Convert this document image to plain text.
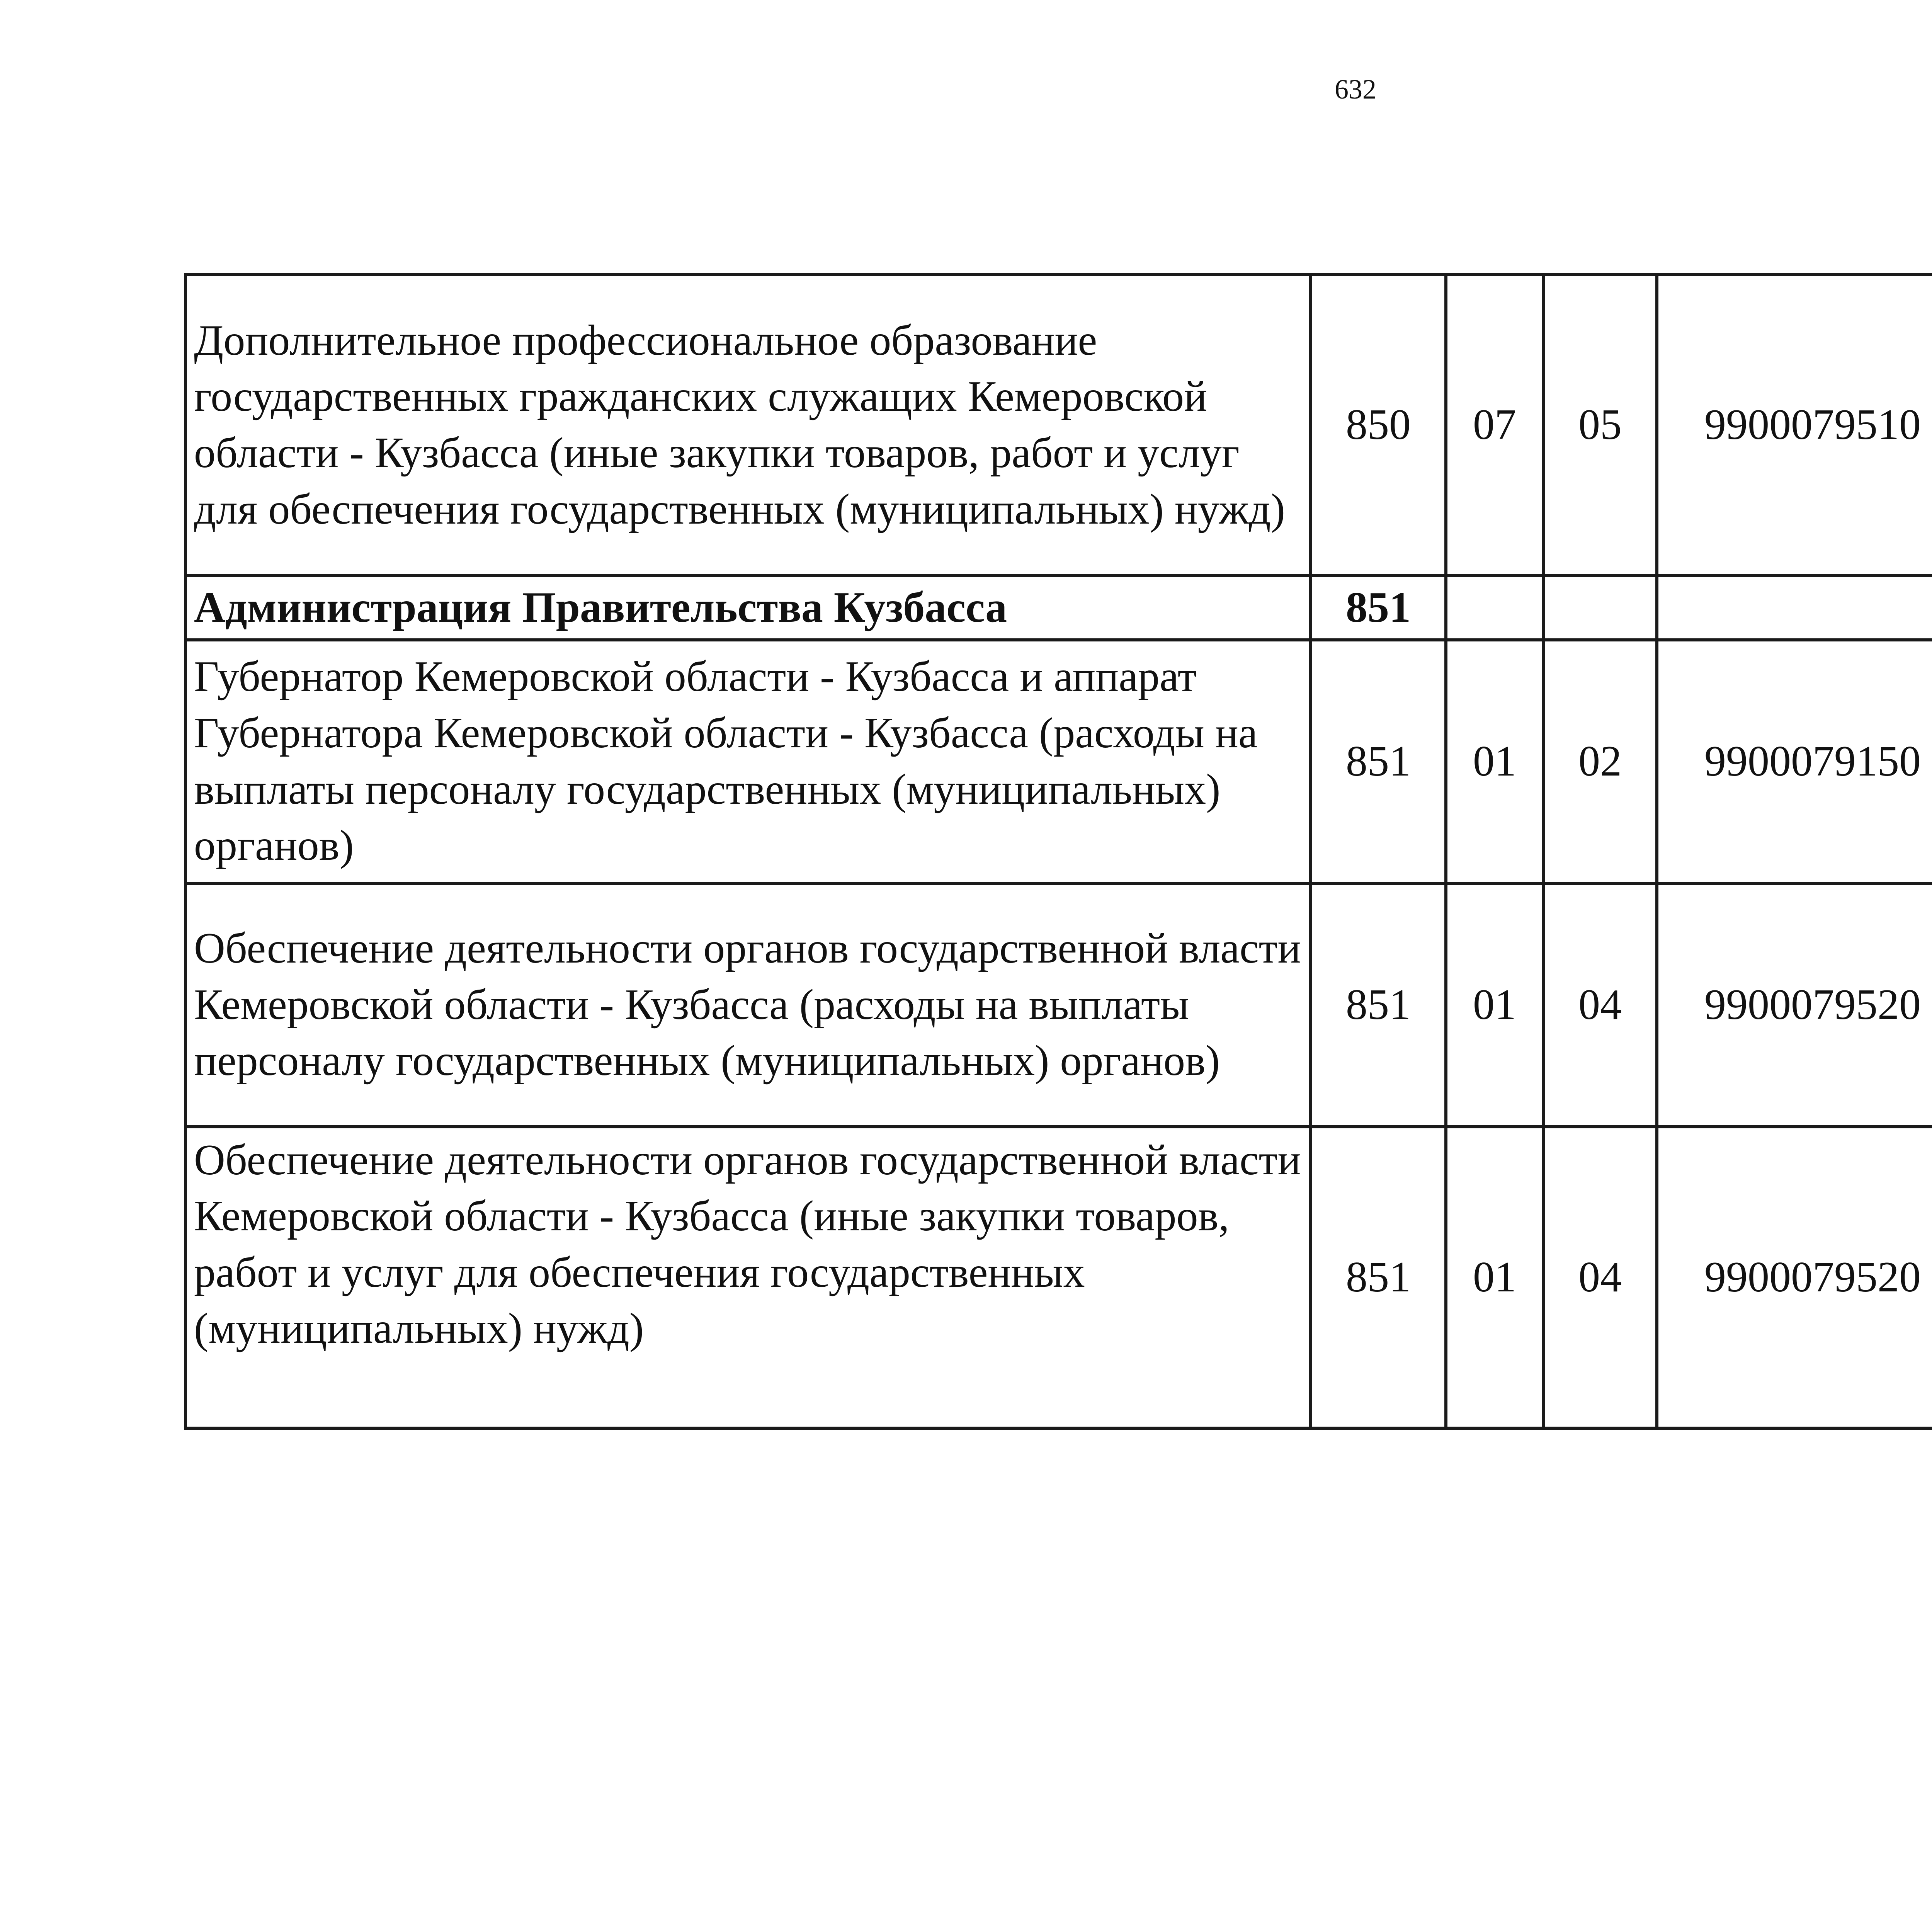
632
Дополнительное профессиональное образование государственных гражданских служащих Кемеровской области - Кузбасса (иные закупки товаров, работ и услуг для обеспечения государственных (муниципальных) нужд)	850	07	05	9900079510		
Администрация Правительства Кузбасса	851					
Губернатор Кемеровской области - Кузбасса и аппарат Губернатора Кемеровской области - Кузбасса (расходы на выплаты персоналу государственных (муниципальных) органов)	851	01	02	9900079150		
Обеспечение деятельности органов государственной власти Кемеровской области - Кузбасса (расходы на выплаты персоналу государственных (муниципальных) органов)	851	01	04	9900079520		
Обеспечение деятельности органов государственной власти Кемеровской области - Кузбасса (иные закупки товаров, работ и услуг для обеспечения государственных (муниципальных) нужд)	851	01	04	9900079520		
